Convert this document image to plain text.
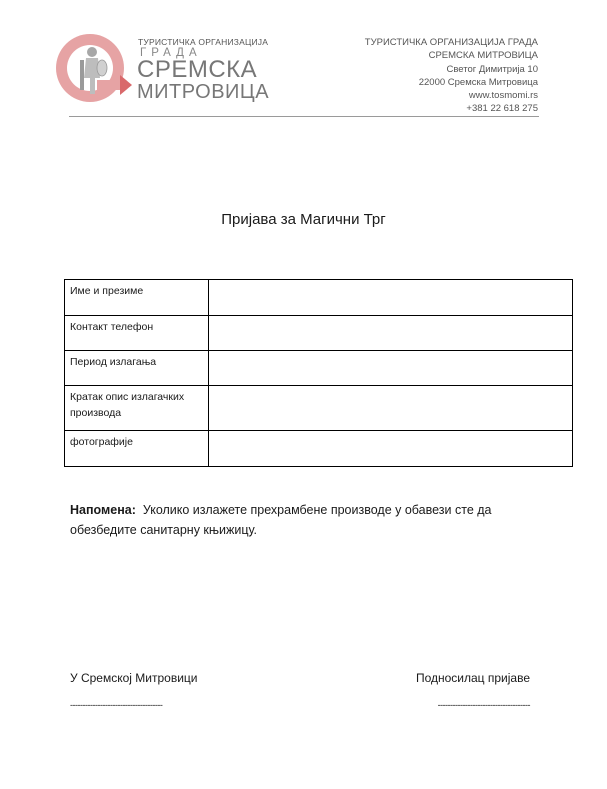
ТУРИСТИЧКА ОРГАНИЗАЦИЈА
ГРАДА
СРЕМСКА
МИТРОВИЦА
ТУРИСТИЧКА ОРГАНИЗАЦИЈА ГРАДА
СРЕМСКА МИТРОВИЦА
Светог Димитрија 10
22000 Сремска Митровица
www.tosmomi.rs
+381 22 618 275
Пријава за Магични Трг
Име и презиме	
Контакт телефон	
Период излагања	
Кратак опис излагачких производа	
фотографије	
Напомена: Уколико излажете прехрамбене производе у обавези сте да обезбедите санитарну књижицу.
У Сремској Митровици	Подносилац пријаве
-------------------------------------	-------------------------------------
